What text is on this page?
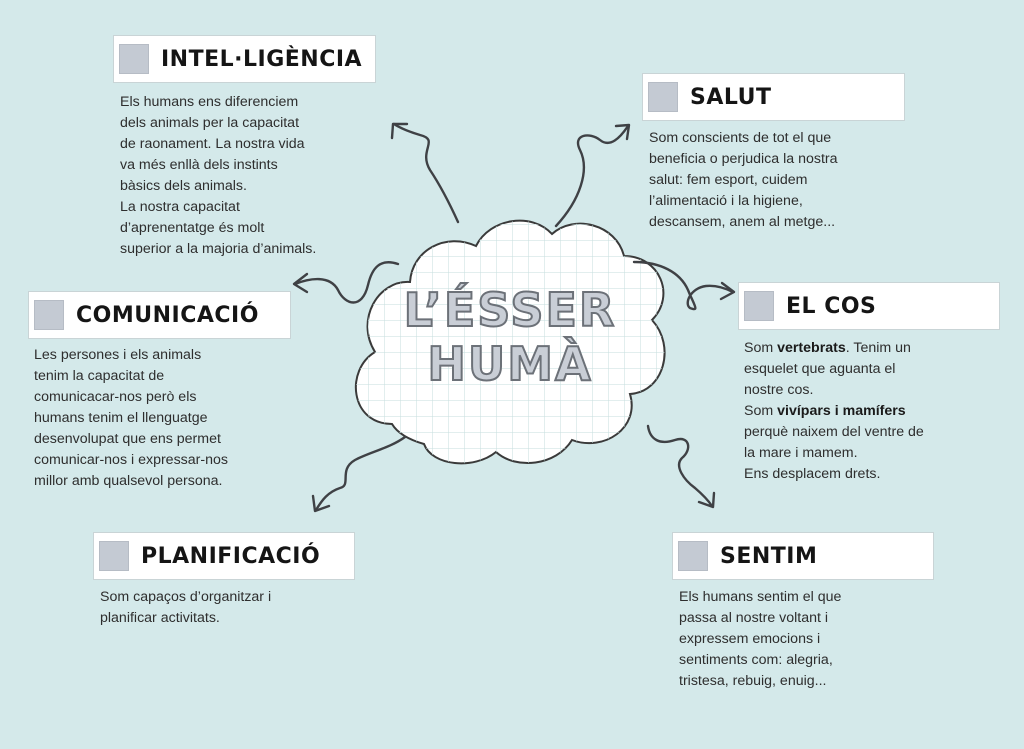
L’ÉSSER
HUMÀ
INTEL·LIGÈNCIA

Els humans ens diferenciem

dels animals per la capacitat

de raonament. La nostra vida

va més enllà dels instints

bàsics dels animals.

La nostra capacitat

d’aprenentatge és molt

superior a la majoria d’animals.

SALUT

Som conscients de tot el que

beneficia o perjudica la nostra

salut: fem esport, cuidem

l’alimentació i la higiene,

descansem, anem al metge...

COMUNICACIÓ

Les persones i els animals

tenim la capacitat de

comunicacar-nos però els

humans tenim el llenguatge

desenvolupat que ens permet

comunicar-nos i expressar-nos

millor amb qualsevol persona.

EL COS

Som vertebrats. Tenim un

esquelet que aguanta el

nostre cos.

Som vivípars i mamífers

perquè naixem del ventre de

la mare i mamem.

Ens desplacem drets.

PLANIFICACIÓ

Som capaços d’organitzar i

planificar activitats.

SENTIM

Els humans sentim el que

passa al nostre voltant i

expressem emocions i

sentiments com: alegria,

tristesa, rebuig, enuig...
